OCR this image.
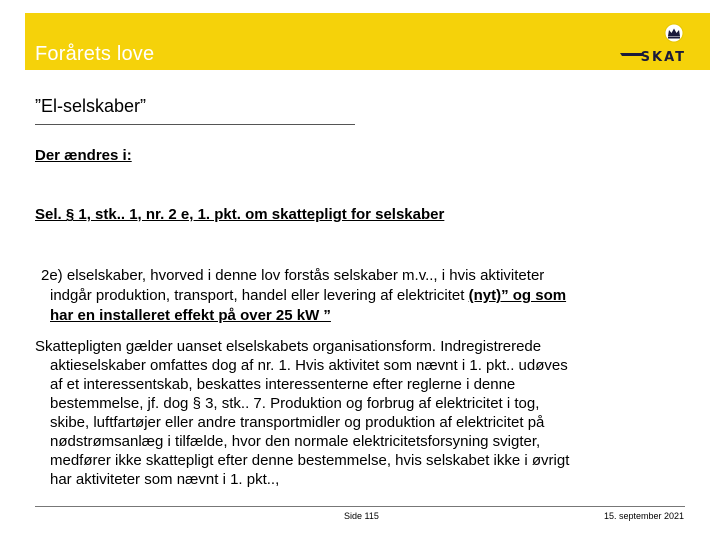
Forårets love	SKAT
”El-selskaber”
Der ændres i:
Sel. § 1, stk.. 1, nr. 2 e, 1. pkt. om skattepligt for selskaber
2e) elselskaber, hvorved i denne lov forstås selskaber m.v.., i hvis aktiviteter
indgår produktion, transport, handel eller levering af elektricitet (nyt)” og som
har en installeret effekt på over 25 kW ”
Skattepligten gælder uanset elselskabets organisationsform. Indregistrerede
aktieselskaber omfattes dog af nr. 1. Hvis aktivitet som nævnt i 1. pkt.. udøves
af et interessentskab, beskattes interessenterne efter reglerne i denne
bestemmelse, jf. dog § 3, stk.. 7. Produktion og forbrug af elektricitet i tog,
skibe, luftfartøjer eller andre transportmidler og produktion af elektricitet på
nødstrømsanlæg i tilfælde, hvor den normale elektricitetsforsyning svigter,
medfører ikke skattepligt efter denne bestemmelse, hvis selskabet ikke i øvrigt
har aktiviteter som nævnt i 1. pkt..,
Side 115	15. september 2021
